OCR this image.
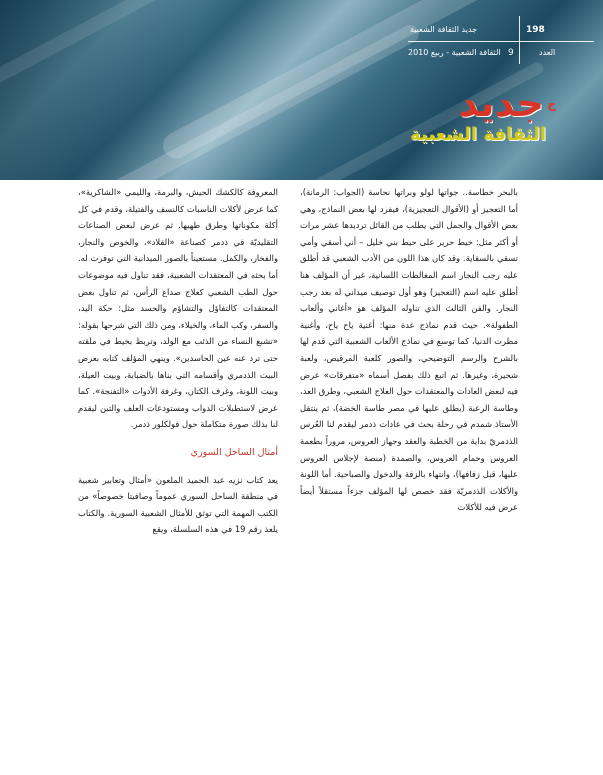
جديد الثقافة الشعبية	198
الثقافة الشعبية - ربيع 2010 9	العدد
جديد ج
الثقافة الشعبية

بالبحر خطاسة.. جواتها لولو وبراتها نحاسة (الجواب: الرمانة)، أما التعجيز أو (الأقوال التعجيزية)، فيفرد لها بعض النماذج، وهي بعض الأقوال والجمل التي يطلب من القائل ترديدها عشر مرات أو أكثر مثل: خيط حرير على حيط بني خليل – أني أسقي وأمي تسقي بالسقاية. وقد كان هذا اللون من الأدب الشعبي قد أطلق عليه رجب النجار اسم المغالطات اللسانية، غير أن المؤلف هنا أطلق عليه اسم (التعجيز) وهو أول توصيف ميداني له بعد رجب النجار. والفن الثالث الذي تناوله المؤلف هو «أغاني وألعاب الطفولة». حيث قدم نماذج عدة منها: أغنية ياح ياح، وأغنية مطرت الدنيا، كما توسع في نماذج الألعاب الشعبية التي قدم لها بالشرح والرسم التوضيحي، والصور كلعبة المرقيص، ولعبة شحيرة، وغيرها. ثم اتبع ذلك بفصل أسماه «متفرقات» عرض فيه لبعض العادات والمعتقدات حول العلاج الشعبي، وطرق العد، وطاسة الرعبة (يطلق عليها في مصر طاسة الخضة)، ثم ينتقل الأستاذ شمدم في رحلة بحث في عادات ذدمر ليقدم لنا العُرس الذدمريّ بداية من الخطبة والعقد وجهاز العروس، مروراً بطعمة العروس وحمام العروس، والصمدة (منصة لإجلاس العروس عليها، قبل زفافها)، وانتهاء بالزفة والدخول والصباحية. أما اللونة والأكلات الذدمريّة فقد خصص لها المؤلف جزءاً مستقلاً أيضاً عرض فيه للأكلات

المعروفة كالكشك الحيش، والبرمة، والليمي «الشاكرية»، كما عرض لأكلات الناسبات كالنسف والفتيلة، وقدم في كل أكلة مكوناتها وطرق طهيها. ثم عرض لبعض الصناعات التقليديّة في ذدمر كصناعة «القلاد»، والخوص والنجار، والفخار، والكمل. مستعيناً بالصور الميدانية التي توفرت له. أما بحثه في المعتقدات الشعبية، فقد تناول فيه موضوعات حول الطب الشعبي كعلاج صداع الرأس، ثم تناول بعض المعتقدات كالتفاؤل والتشاؤم والحسد مثل: حكة اليد، والسفر، وكب الماء، والخيلاء، ومن ذلك التي شرحها بقوله: «تشبع النساء من الذئب مع الولد، وتربط بخيط في ملقته حتى ترد عنه عين الحاسدين». وينهي المؤلف كتابه بعرض البيت الذدمري وأقسامه التي بناها بالضبابة، وبيت العيلة، وبيت اللونة، وغرف الكتان، وغرفة الأدوات «التفنجة». كما عرض لاستطبلات الدواب ومستودعات العلف والتبن ليقدم لنا بذلك صورة متكاملة حول فولكلور ذدمر.

أمثال الساحل السوري

يعد كتاب نزيه عبد الحميد الملعون «أمثال وتعابير شعبية في منطقة الساحل السوري عموماً وصافيتا خصوصاً» من الكتب المهمة التي توثق للأمثال الشعبية السورية. والكتاب يلعذ رقم 19 في هذه السلسلة، ويقع
